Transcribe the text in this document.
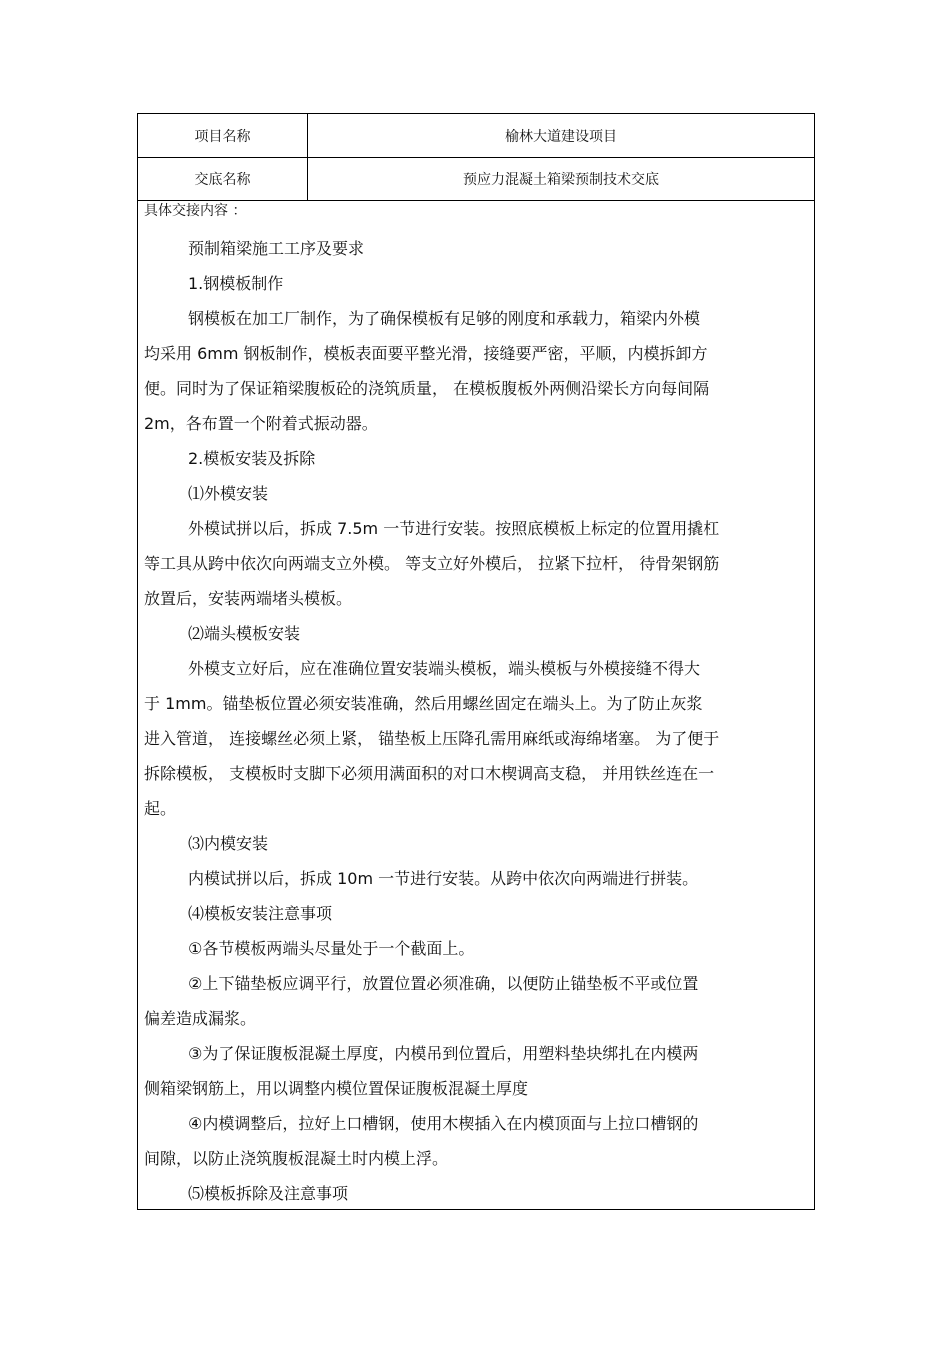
项目名称	榆林大道建设项目
交底名称	预应力混凝土箱梁预制技术交底
具体交接内容 ：

预制箱梁施工工序及要求

1.钢模板制作

钢模板在加工厂制作，为了确保模板有足够的刚度和承载力，箱梁内外模

均采用 6mm 钢板制作，模板表面要平整光滑，接缝要严密，平顺，内模拆卸方

便。同时为了保证箱梁腹板砼的浇筑质量， 在模板腹板外两侧沿梁长方向每间隔

2m，各布置一个附着式振动器。

2.模板安装及拆除

⑴外模安装

外模试拼以后，拆成 7.5m 一节进行安装。按照底模板上标定的位置用撬杠

等工具从跨中依次向两端支立外模。 等支立好外模后， 拉紧下拉杆， 待骨架钢筋

放置后，安装两端堵头模板。

⑵端头模板安装

外模支立好后，应在准确位置安装端头模板，端头模板与外模接缝不得大

于 1mm。锚垫板位置必须安装准确，然后用螺丝固定在端头上。为了防止灰浆

进入管道， 连接螺丝必须上紧， 锚垫板上压降孔需用麻纸或海绵堵塞。 为了便于

拆除模板， 支模板时支脚下必须用满面积的对口木楔调高支稳， 并用铁丝连在一

起。

⑶内模安装

内模试拼以后，拆成 10m 一节进行安装。从跨中依次向两端进行拼装。

⑷模板安装注意事项

①各节模板两端头尽量处于一个截面上。

②上下锚垫板应调平行，放置位置必须准确，以便防止锚垫板不平或位置

偏差造成漏浆。

③为了保证腹板混凝土厚度，内模吊到位置后，用塑料垫块绑扎在内模两

侧箱梁钢筋上，用以调整内模位置保证腹板混凝土厚度

④内模调整后，拉好上口槽钢，使用木楔插入在内模顶面与上拉口槽钢的

间隙，以防止浇筑腹板混凝土时内模上浮。

⑸模板拆除及注意事项
